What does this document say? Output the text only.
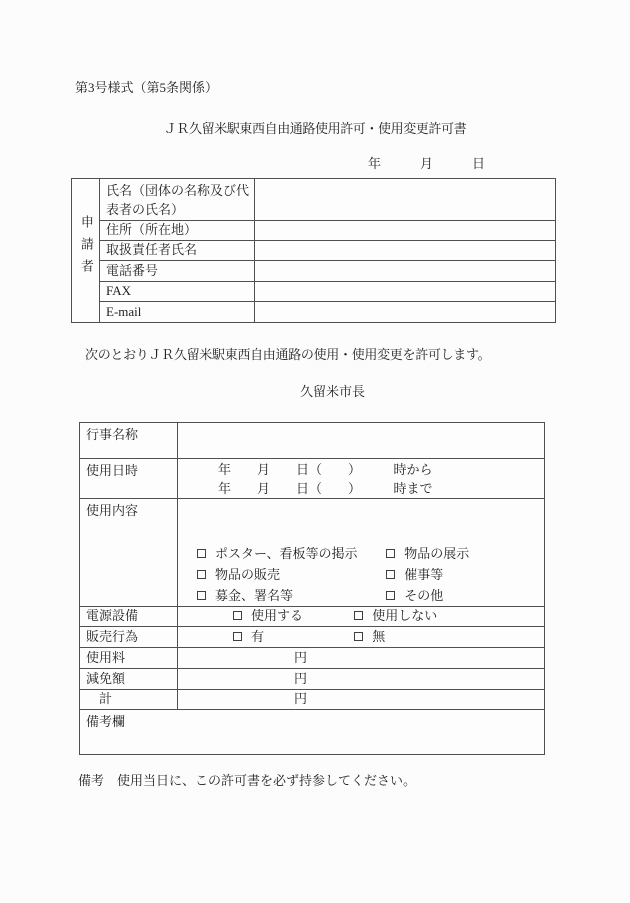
第3号様式（第5条関係）
ＪＲ久留米駅東西自由通路使用許可・使用変更許可書
年　　　月　　　日
申請者	氏名（団体の名称及び代表者の氏名）	
	住所（所在地）	
	取扱責任者氏名	
	電話番号	
	FAX	
	E-mail	
次のとおりＪＲ久留米駅東西自由通路の使用・使用変更を許可します。
久留米市長
行事名称	
使用日時	年　　月　　日（　　）　　　時から
年　　月　　日（　　）　　　時まで

使用内容	ポスター、看板等の掲示 物品の展示
物品の販売 催事等
募金、署名等 その他

電源設備	使用する 使用しない
販売行為	有 無
使用料	円
減免額	円
計	円
備考欄	
備考　使用当日に、この許可書を必ず持参してください。
